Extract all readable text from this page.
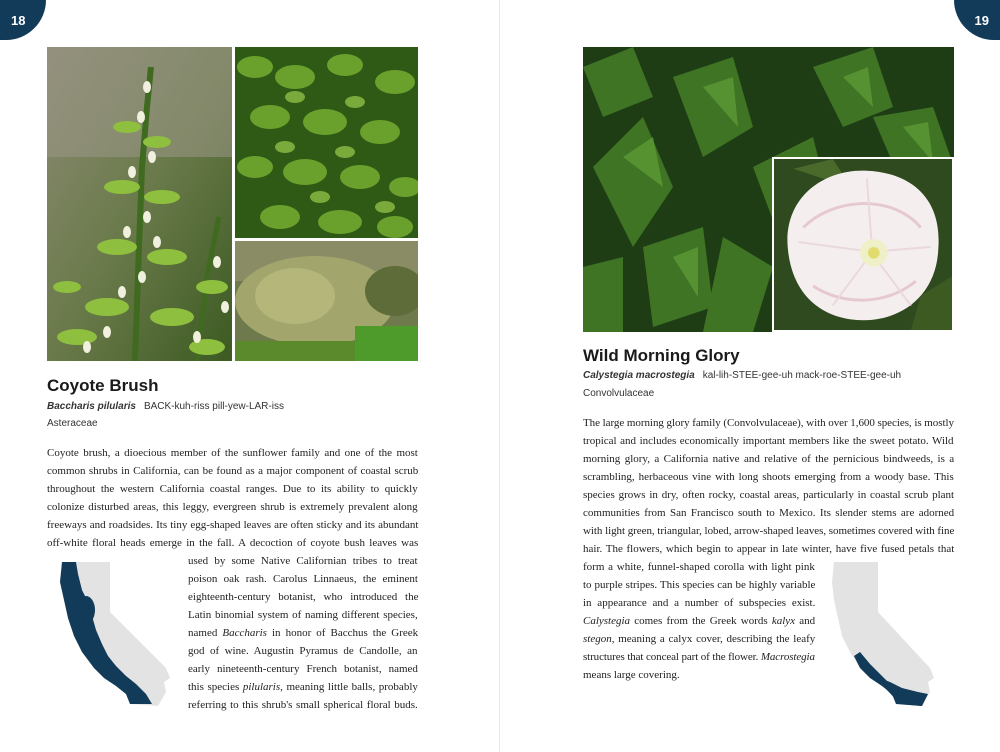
18
Coyote Brush
Baccharis pilularis BACK-kuh-riss pill-yew-LAR-iss
Asteraceae
Coyote brush, a dioecious member of the sunflower family and one of the most
common shrubs in California, can be found as a major component of coastal scrub
throughout the western California coastal ranges. Due to its ability to quickly
colonize disturbed areas, this leggy, evergreen shrub is extremely prevalent along
freeways and roadsides. Its tiny egg-shaped leaves are often sticky and its abundant
off-white floral heads emerge in the fall. A decoction of coyote bush leaves was
used by some Native Californian tribes to treat
poison oak rash. Carolus Linnaeus, the eminent
eighteenth-century botanist, who introduced the
Latin binomial system of naming different species,
named Baccharis in honor of Bacchus the Greek
god of wine. Augustin Pyramus de Candolle, an
early nineteenth-century French botanist, named
this species pilularis, meaning little balls, probably
referring to this shrub's small spherical floral buds.
19
Wild Morning Glory
Calystegia macrostegia kal-lih-STEE-gee-uh mack-roe-STEE-gee-uh
Convolvulaceae
The large morning glory family (Convolvulaceae), with over 1,600 species, is mostly
tropical and includes economically important members like the sweet potato. Wild
morning glory, a California native and relative of the pernicious bindweeds, is a
scrambling, herbaceous vine with long shoots emerging from a woody base. This
species grows in dry, often rocky, coastal areas, particularly in coastal scrub plant
communities from San Francisco south to Mexico. Its slender stems are adorned
with light green, triangular, lobed, arrow-shaped leaves, sometimes covered with fine
hair. The flowers, which begin to appear in late winter, have five fused petals that
form a white, funnel-shaped corolla with light pink
to purple stripes. This species can be highly variable
in appearance and a number of subspecies exist.
Calystegia comes from the Greek words kalyx and
stegon, meaning a calyx cover, describing the leafy
structures that conceal part of the flower. Macrostegia
means large covering.
